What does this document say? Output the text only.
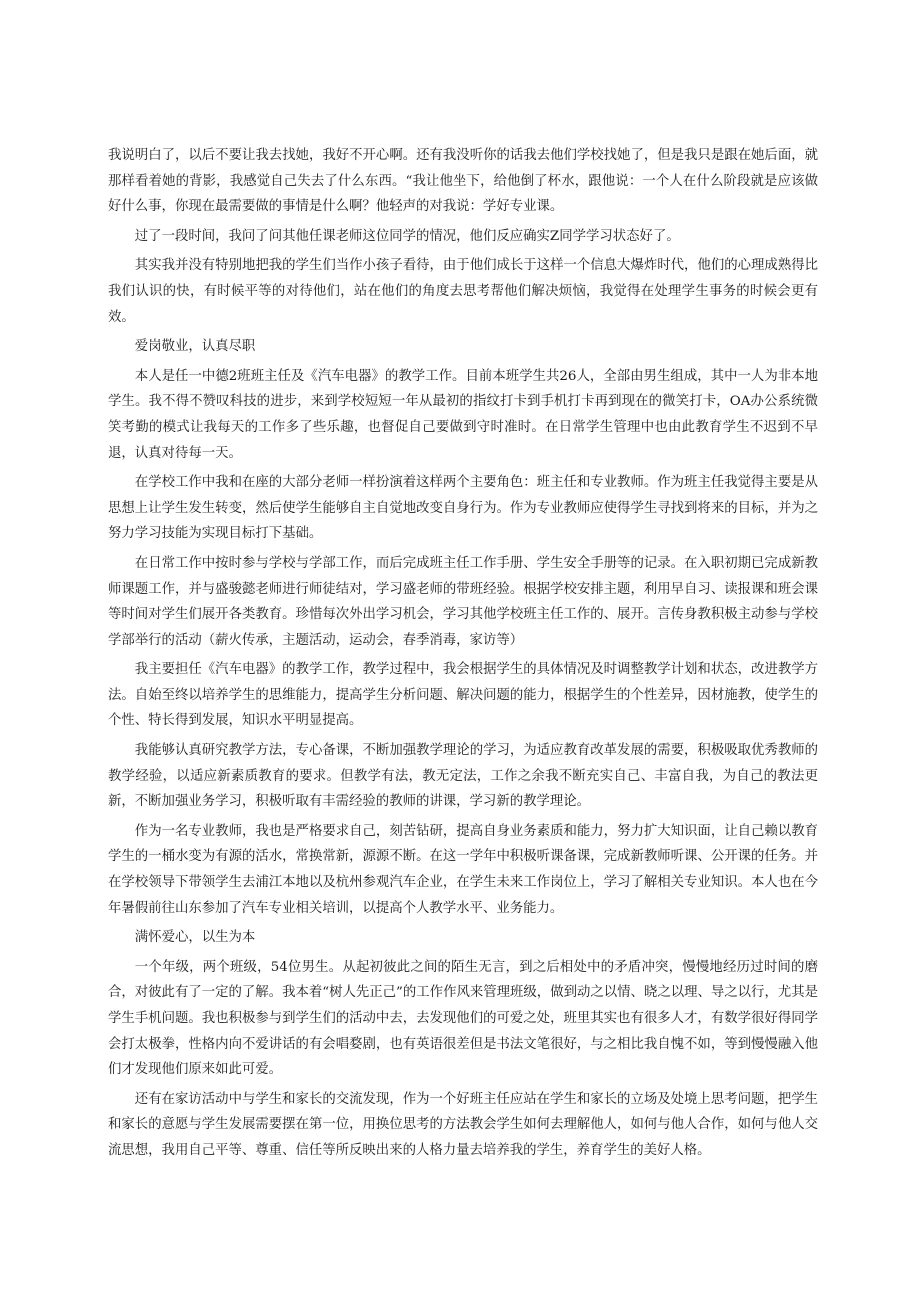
我说明白了，以后不要让我去找她，我好不开心啊。还有我没听你的话我去他们学校找她了，但是我只是跟在她后面，就那样看着她的背影，我感觉自己失去了什么东西。“我让他坐下，给他倒了杯水，跟他说：一个人在什么阶段就是应该做好什么事，你现在最需要做的事情是什么啊？他轻声的对我说：学好专业课。

过了一段时间，我问了问其他任课老师这位同学的情况，他们反应确实Z同学学习状态好了。

其实我并没有特别地把我的学生们当作小孩子看待，由于他们成长于这样一个信息大爆炸时代，他们的心理成熟得比我们认识的快，有时候平等的对待他们，站在他们的角度去思考帮他们解决烦恼，我觉得在处理学生事务的时候会更有效。

爱岗敬业，认真尽职

本人是任一中德2班班主任及《汽车电器》的教学工作。目前本班学生共26人，全部由男生组成，其中一人为非本地学生。我不得不赞叹科技的进步，来到学校短短一年从最初的指纹打卡到手机打卡再到现在的微笑打卡，OA办公系统微笑考勤的模式让我每天的工作多了些乐趣，也督促自己要做到守时准时。在日常学生管理中也由此教育学生不迟到不早退，认真对待每一天。

在学校工作中我和在座的大部分老师一样扮演着这样两个主要角色：班主任和专业教师。作为班主任我觉得主要是从思想上让学生发生转变，然后使学生能够自主自觉地改变自身行为。作为专业教师应使得学生寻找到将来的目标，并为之努力学习技能为实现目标打下基础。

在日常工作中按时参与学校与学部工作，而后完成班主任工作手册、学生安全手册等的记录。在入职初期已完成新教师课题工作，并与盛骏懿老师进行师徒结对，学习盛老师的带班经验。根据学校安排主题，利用早自习、读报课和班会课等时间对学生们展开各类教育。珍惜每次外出学习机会，学习其他学校班主任工作的、展开。言传身教积极主动参与学校学部举行的活动（薪火传承，主题活动，运动会，春季消毒，家访等）

我主要担任《汽车电器》的教学工作，教学过程中，我会根据学生的具体情况及时调整教学计划和状态，改进教学方法。自始至终以培养学生的思维能力，提高学生分析问题、解决问题的能力，根据学生的个性差异，因材施教，使学生的个性、特长得到发展，知识水平明显提高。

我能够认真研究教学方法，专心备课，不断加强教学理论的学习，为适应教育改革发展的需要，积极吸取优秀教师的教学经验，以适应新素质教育的要求。但教学有法，教无定法，工作之余我不断充实自己、丰富自我，为自己的教法更新，不断加强业务学习，积极听取有丰需经验的教师的讲课，学习新的教学理论。

作为一名专业教师，我也是严格要求自己，刻苦钻研，提高自身业务素质和能力，努力扩大知识面，让自己赖以教育学生的一桶水变为有源的活水，常换常新，源源不断。在这一学年中积极听课备课，完成新教师听课、公开课的任务。并在学校领导下带领学生去浦江本地以及杭州参观汽车企业，在学生未来工作岗位上，学习了解相关专业知识。本人也在今年暑假前往山东参加了汽车专业相关培训，以提高个人教学水平、业务能力。

满怀爱心，以生为本

一个年级，两个班级，54位男生。从起初彼此之间的陌生无言，到之后相处中的矛盾冲突，慢慢地经历过时间的磨合，对彼此有了一定的了解。我本着“树人先正己”的工作作风来管理班级，做到动之以情、晓之以理、导之以行，尤其是学生手机问题。我也积极参与到学生们的活动中去，去发现他们的可爱之处，班里其实也有很多人才，有数学很好得同学会打太极拳，性格内向不爱讲话的有会唱婺剧，也有英语很差但是书法文笔很好，与之相比我自愧不如，等到慢慢融入他们才发现他们原来如此可爱。

还有在家访活动中与学生和家长的交流发现，作为一个好班主任应站在学生和家长的立场及处境上思考问题，把学生和家长的意愿与学生发展需要摆在第一位，用换位思考的方法教会学生如何去理解他人，如何与他人合作，如何与他人交流思想，我用自己平等、尊重、信任等所反映出来的人格力量去培养我的学生，养育学生的美好人格。
